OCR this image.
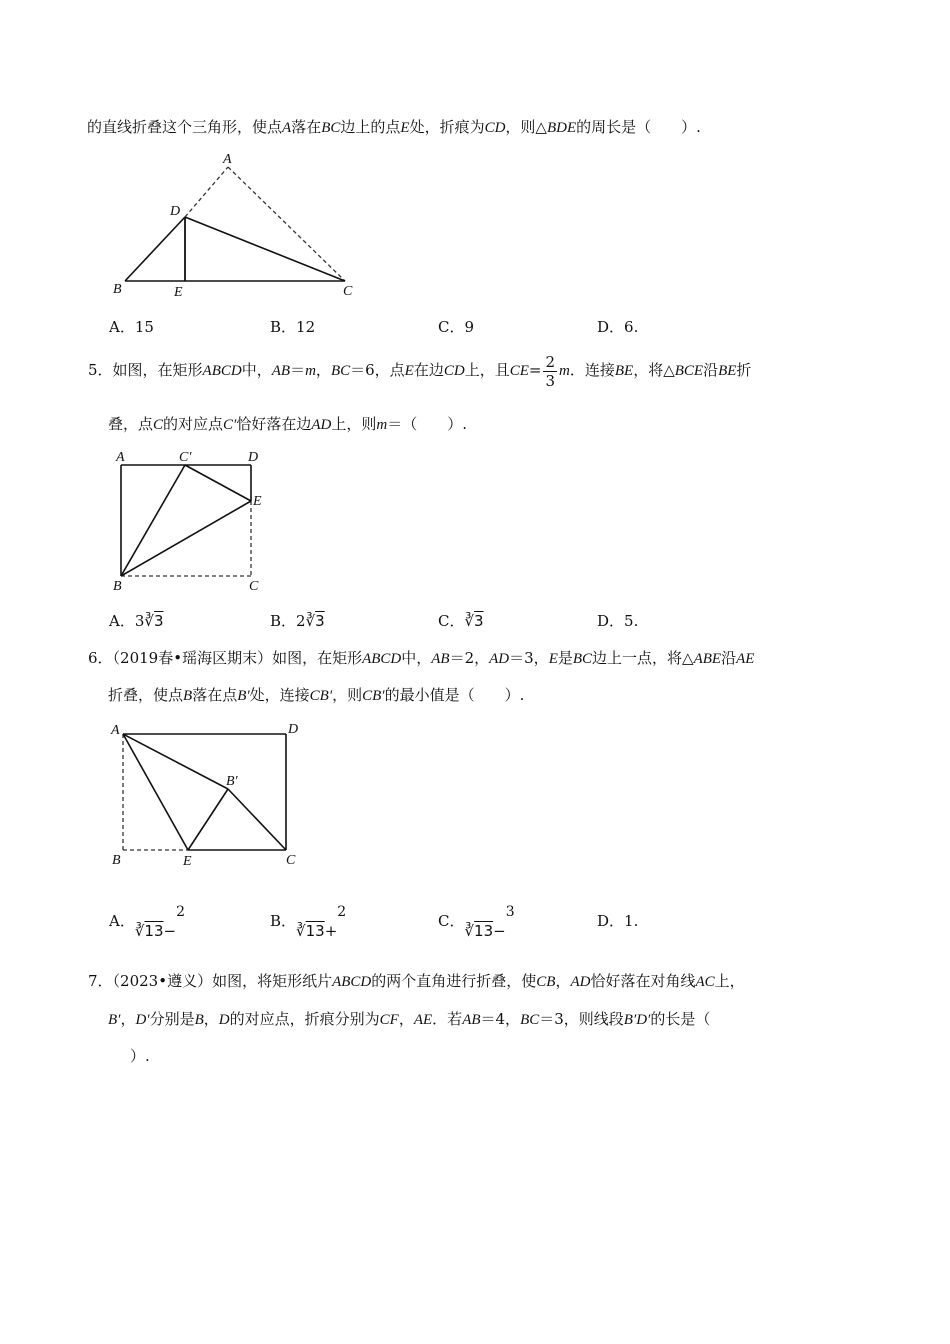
的直线折叠这个三角形，使点A落在BC边上的点E处，折痕为CD，则△BDE的周长是（　　）.
A
D
B	E	C
A．15	B．12	C．9	D．6.
5．如图，在矩形ABCD中，AB＝m，BC＝6，点E在边CD上，且$CE= \frac{2}{3}$ m．连接BE，将△BCE沿BE折
叠，点C的对应点C′恰好落在边AD上，则m＝（　　）.
A	C′	D
E
B	C
A．3∛3	B．2∛3	C．∛3	D．5.
6．（2019春•瑶海区期末）如图，在矩形ABCD中，AB＝2，AD＝3，E是BC边上一点，将△ABE沿AE
折叠，使点B落在点B′处，连接CB′，则CB′的最小值是（　　）.
A	D
B′
B	E	C
A．∛13−2	B．∛13+2	C．∛13−3	D．1.
7．（2023•遵义）如图，将矩形纸片ABCD的两个直角进行折叠，使CB，AD恰好落在对角线AC上，
B′，D′分别是B，D的对应点，折痕分别为CF，AE．若AB＝4，BC＝3，则线段B′D′的长是（
　　）.
